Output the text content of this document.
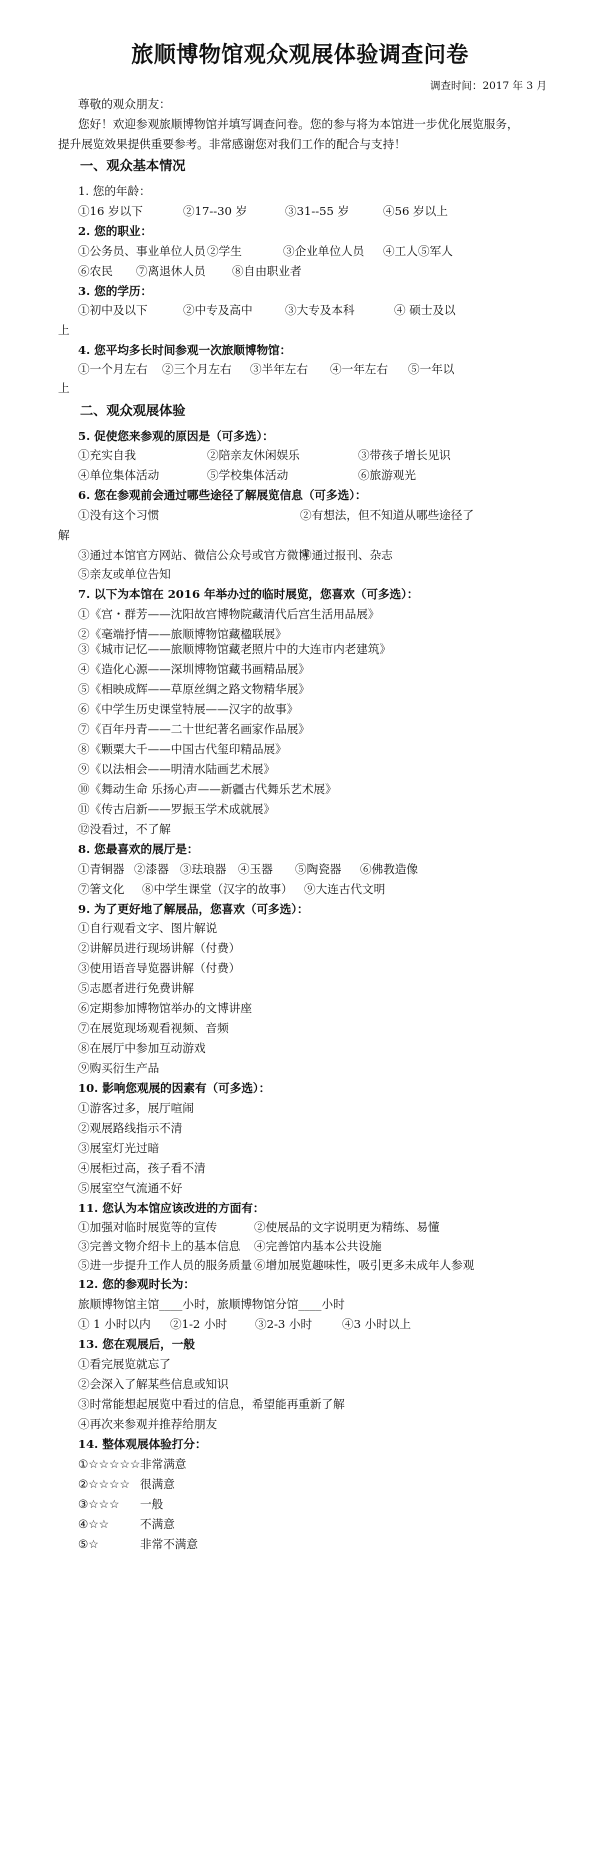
旅顺博物馆观众观展体验调查问卷
调查时间：2017 年 3 月
尊敬的观众朋友：
您好！欢迎参观旅顺博物馆并填写调查问卷。您的参与将为本馆进一步优化展览服务，
提升展览效果提供重要参考。非常感谢您对我们工作的配合与支持！
一、观众基本情况
1. 您的年龄：
①16 岁以下	②17--30 岁	③31--55 岁	④56 岁以上
2. 您的职业：
①公务员、事业单位人员 ②学生	③企业单位人员 ④工人 ⑤军人
⑥农民 ⑦离退休人员 ⑧自由职业者
3. 您的学历：
①初中及以下	②中专及高中	③大专及本科	④ 硕士及以
上
4. 您平均多长时间参观一次旅顺博物馆：
①一个月左右 ②三个月左右 ③半年左右 ④一年左右 ⑤一年以
上
二、观众观展体验
5. 促使您来参观的原因是（可多选）：
①充实自我	②陪亲友休闲娱乐	③带孩子增长见识
④单位集体活动	⑤学校集体活动	⑥旅游观光
6. 您在参观前会通过哪些途径了解展览信息（可多选）：
①没有这个习惯	②有想法，但不知道从哪些途径了
解
③通过本馆官方网站、微信公众号或官方微博
④通过报刊、杂志
⑤亲友或单位告知
7. 以下为本馆在 2016 年举办过的临时展览，您喜欢（可多选）：
①《宫・群芳——沈阳故宫博物院藏清代后宫生活用品展》
②《毫端抒情——旅顺博物馆藏楹联展》
③《城市记忆——旅顺博物馆藏老照片中的大连市内老建筑》
④《造化心源——深圳博物馆藏书画精品展》
⑤《相映成辉——草原丝绸之路文物精华展》
⑥《中学生历史课堂特展——汉字的故事》
⑦《百年丹青——二十世纪著名画家作品展》
⑧《颗粟大千——中国古代玺印精品展》
⑨《以法相会——明清水陆画艺术展》
⑩《舞动生命 乐扬心声——新疆古代舞乐艺术展》
⑪《传古启新——罗振玉学术成就展》
⑫没看过，不了解
8. 您最喜欢的展厅是：
①青铜器 ②漆器 ③珐琅器 ④玉器 ⑤陶瓷器 ⑥佛教造像
⑦箸文化 ⑧中学生课堂（汉字的故事） ⑨大连古代文明
9. 为了更好地了解展品，您喜欢（可多选）：
①自行观看文字、图片解说
②讲解员进行现场讲解（付费）
③使用语音导览器讲解（付费）
⑤志愿者进行免费讲解
⑥定期参加博物馆举办的文博讲座
⑦在展览现场观看视频、音频
⑧在展厅中参加互动游戏
⑨购买衍生产品
10. 影响您观展的因素有（可多选）：
①游客过多，展厅喧闹
②观展路线指示不清
③展室灯光过暗
④展柜过高，孩子看不清
⑤展室空气流通不好
11. 您认为本馆应该改进的方面有：
①加强对临时展览等的宣传	②使展品的文字说明更为精练、易懂
③完善文物介绍卡上的基本信息 ④完善馆内基本公共设施
⑤进一步提升工作人员的服务质量 ⑥增加展览趣味性，吸引更多未成年人参观
12. 您的参观时长为：
旅顺博物馆主馆____小时，旅顺博物馆分馆____小时
① 1 小时以内 ②1-2 小时 ③2-3 小时	④3 小时以上
13. 您在观展后，一般
①看完展览就忘了
②会深入了解某些信息或知识
③时常能想起展览中看过的信息，希望能再重新了解
④再次来参观并推荐给朋友
14. 整体观展体验打分：
①☆☆☆☆☆ 非常满意
②☆☆☆☆ 很满意
③☆☆☆ 一般
④☆☆	不满意
⑤☆	非常不满意
